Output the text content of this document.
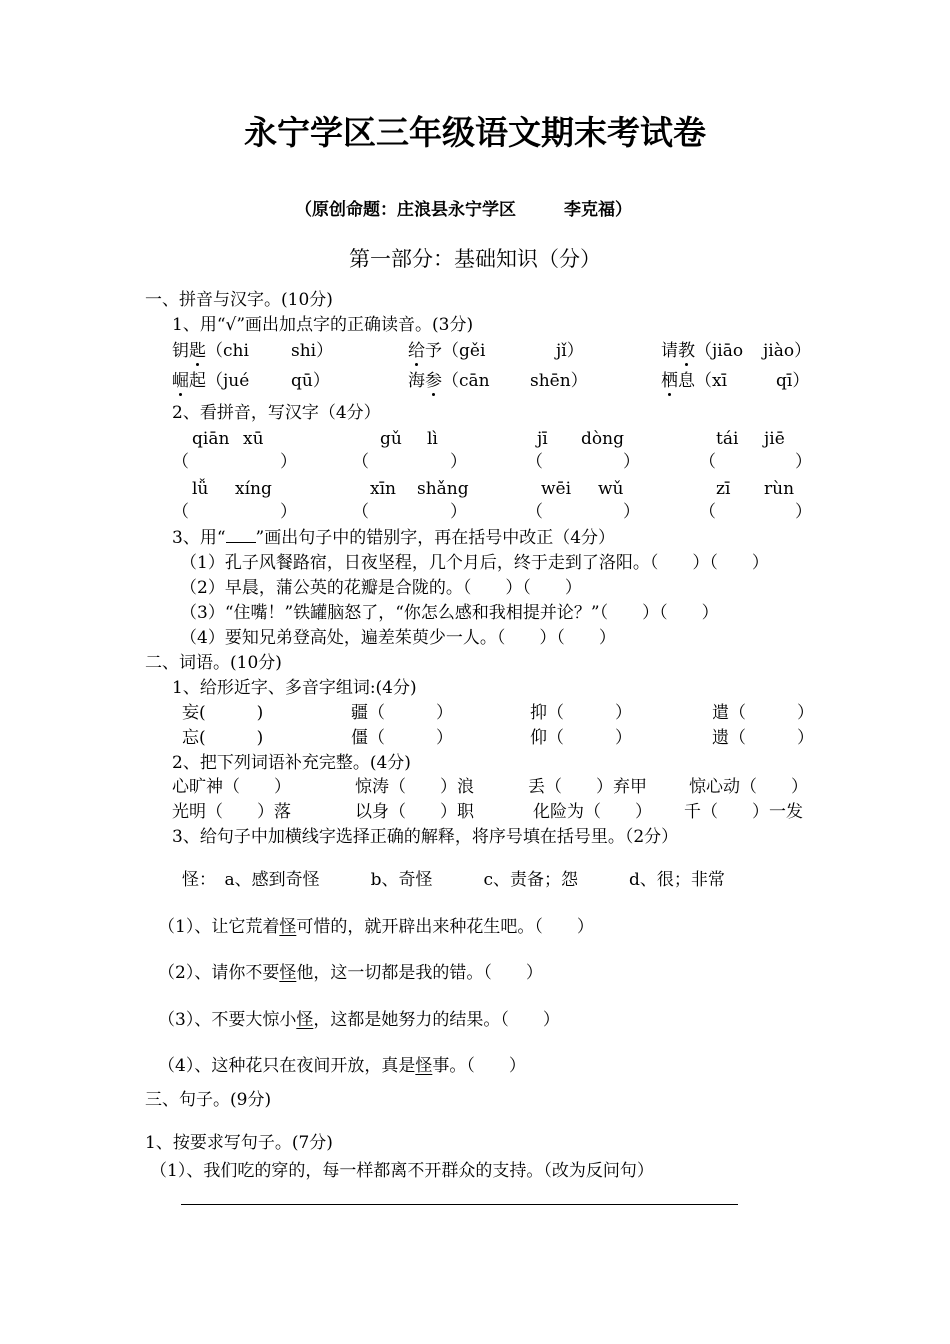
永宁学区三年级语文期末考试卷
（原创命题：庄浪县永宁学区	李克福）
第一部分：基础知识（分）
一、拼音与汉字。(10分)
1、用“√”画出加点字的正确读音。(3分)
钥匙（chi shi）	给予（gěi	jǐ）	请教（jiāo jiào）
崛起（jué qū）	海参（cān shēn）	栖息（xī	qī）
2、看拼音，写汉字（4分）
qiān xū	gǔ lì	jī dòng	tái jiē
（	）	（	）	（	）	（	）
lǚ xíng	xīn shǎng	wēi wǔ	zī rùn
（	）	（	）	（	）	（	）
3、用“ ”画出句子中的错别字，再在括号中改正（4分）
（1）孔子风餐路宿，日夜坚程，几个月后，终于走到了洛阳。（　　）（　　）
（2）早晨，蒲公英的花瓣是合陇的。（　　）（　　）
（3）“住嘴！”铁罐脑怒了，“你怎么感和我相提并论？”（　　）（　　）
（4）要知兄弟登高处，遍差茱萸少一人。（　　）（　　）
二、词语。(10分)
1、给形近字、多音字组词:(4分)
妄(　　　)	疆（　　　）	抑（　　　）	遣（　　　）
忘(　　　)	僵（　　　）	仰（　　　）	遗（　　　）
2、把下列词语补充完整。(4分)
心旷神（　　）	惊涛（　　）浪	丢（　　）弃甲 惊心动（　　）
光明（　　）落	以身（　　）职	化险为（　　） 千（　　）一发
3、给句子中加横线字选择正确的解释，将序号填在括号里。（2分）
怪：　a、感到奇怪　　　b、奇怪　　　c、责备；怨　　　d、很；非常
（1）、让它荒着怪可惜的，就开辟出来种花生吧。（　　）
（2）、请你不要怪他，这一切都是我的错。（　　）
（3）、不要大惊小怪，这都是她努力的结果。（　　）
（4）、这种花只在夜间开放，真是怪事。（　　）
三、句子。(9分)
1、按要求写句子。(7分)
（1）、我们吃的穿的，每一样都离不开群众的支持。（改为反问句）
